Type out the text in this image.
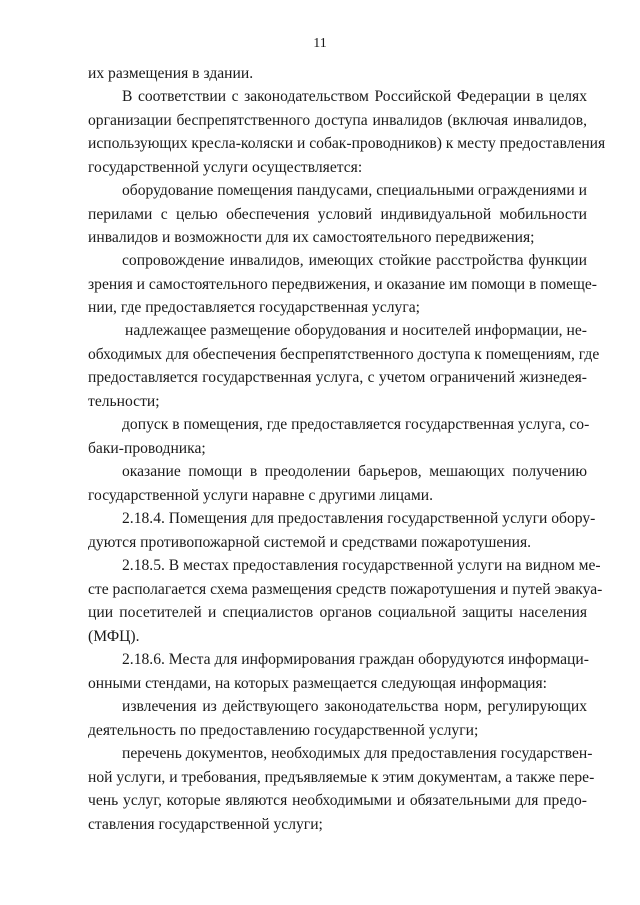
11
их размещения в здании.
В соответствии с законодательством Российской Федерации в целях
организации беспрепятственного доступа инвалидов (включая инвалидов,
использующих кресла-коляски и собак-проводников) к месту предоставления
государственной услуги осуществляется:
оборудование помещения пандусами, специальными ограждениями и
перилами с целью обеспечения условий индивидуальной мобильности
инвалидов и возможности для их самостоятельного передвижения;
сопровождение инвалидов, имеющих стойкие расстройства функции
зрения и самостоятельного передвижения, и оказание им помощи в помеще-
нии, где предоставляется государственная услуга;
надлежащее размещение оборудования и носителей информации, не-
обходимых для обеспечения беспрепятственного доступа к помещениям, где
предоставляется государственная услуга, с учетом ограничений жизнедея-
тельности;
допуск в помещения, где предоставляется государственная услуга, со-
баки-проводника;
оказание помощи в преодолении барьеров, мешающих получению
государственной услуги наравне с другими лицами.
2.18.4. Помещения для предоставления государственной услуги обору-
дуются противопожарной системой и средствами пожаротушения.
2.18.5. В местах предоставления государственной услуги на видном ме-
сте располагается схема размещения средств пожаротушения и путей эвакуа-
ции посетителей и специалистов органов социальной защиты населения
(МФЦ).
2.18.6. Места для информирования граждан оборудуются информаци-
онными стендами, на которых размещается следующая информация:
извлечения из действующего законодательства норм, регулирующих
деятельность по предоставлению государственной услуги;
перечень документов, необходимых для предоставления государствен-
ной услуги, и требования, предъявляемые к этим документам, а также пере-
чень услуг, которые являются необходимыми и обязательными для предо-
ставления государственной услуги;
